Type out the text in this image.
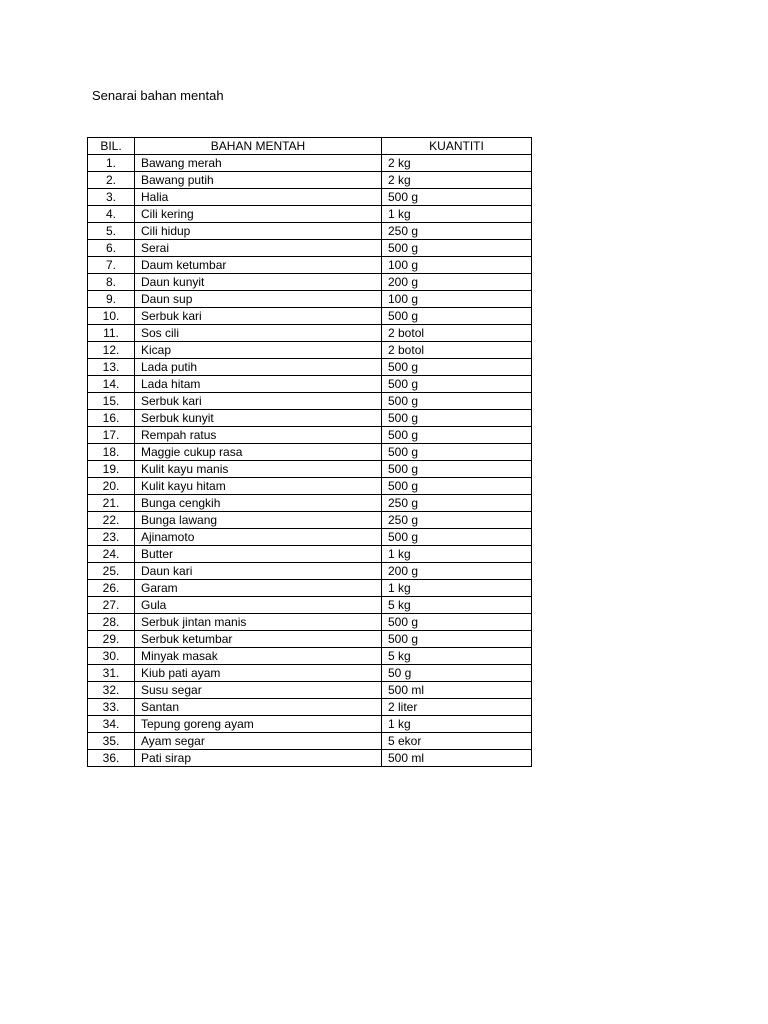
Senarai bahan mentah
BIL.	BAHAN MENTAH	KUANTITI
1.	Bawang merah	2 kg
2.	Bawang putih	2 kg
3.	Halia	500 g
4.	Cili kering	1 kg
5.	Cili hidup	250 g
6.	Serai	500 g
7.	Daum ketumbar	100 g
8.	Daun kunyit	200 g
9.	Daun sup	100 g
10.	Serbuk kari	500 g
11.	Sos cili	2 botol
12.	Kicap	2 botol
13.	Lada putih	500 g
14.	Lada hitam	500 g
15.	Serbuk kari	500 g
16.	Serbuk kunyit	500 g
17.	Rempah ratus	500 g
18.	Maggie cukup rasa	500 g
19.	Kulit kayu manis	500 g
20.	Kulit kayu hitam	500 g
21.	Bunga cengkih	250 g
22.	Bunga lawang	250 g
23.	Ajinamoto	500 g
24.	Butter	1 kg
25.	Daun kari	200 g
26.	Garam	1 kg
27.	Gula	5 kg
28.	Serbuk jintan manis	500 g
29.	Serbuk ketumbar	500 g
30.	Minyak masak	5 kg
31.	Kiub pati ayam	50 g
32.	Susu segar	500 ml
33.	Santan	2 liter
34.	Tepung goreng ayam	1 kg
35.	Ayam segar	5 ekor
36.	Pati sirap	500 ml
